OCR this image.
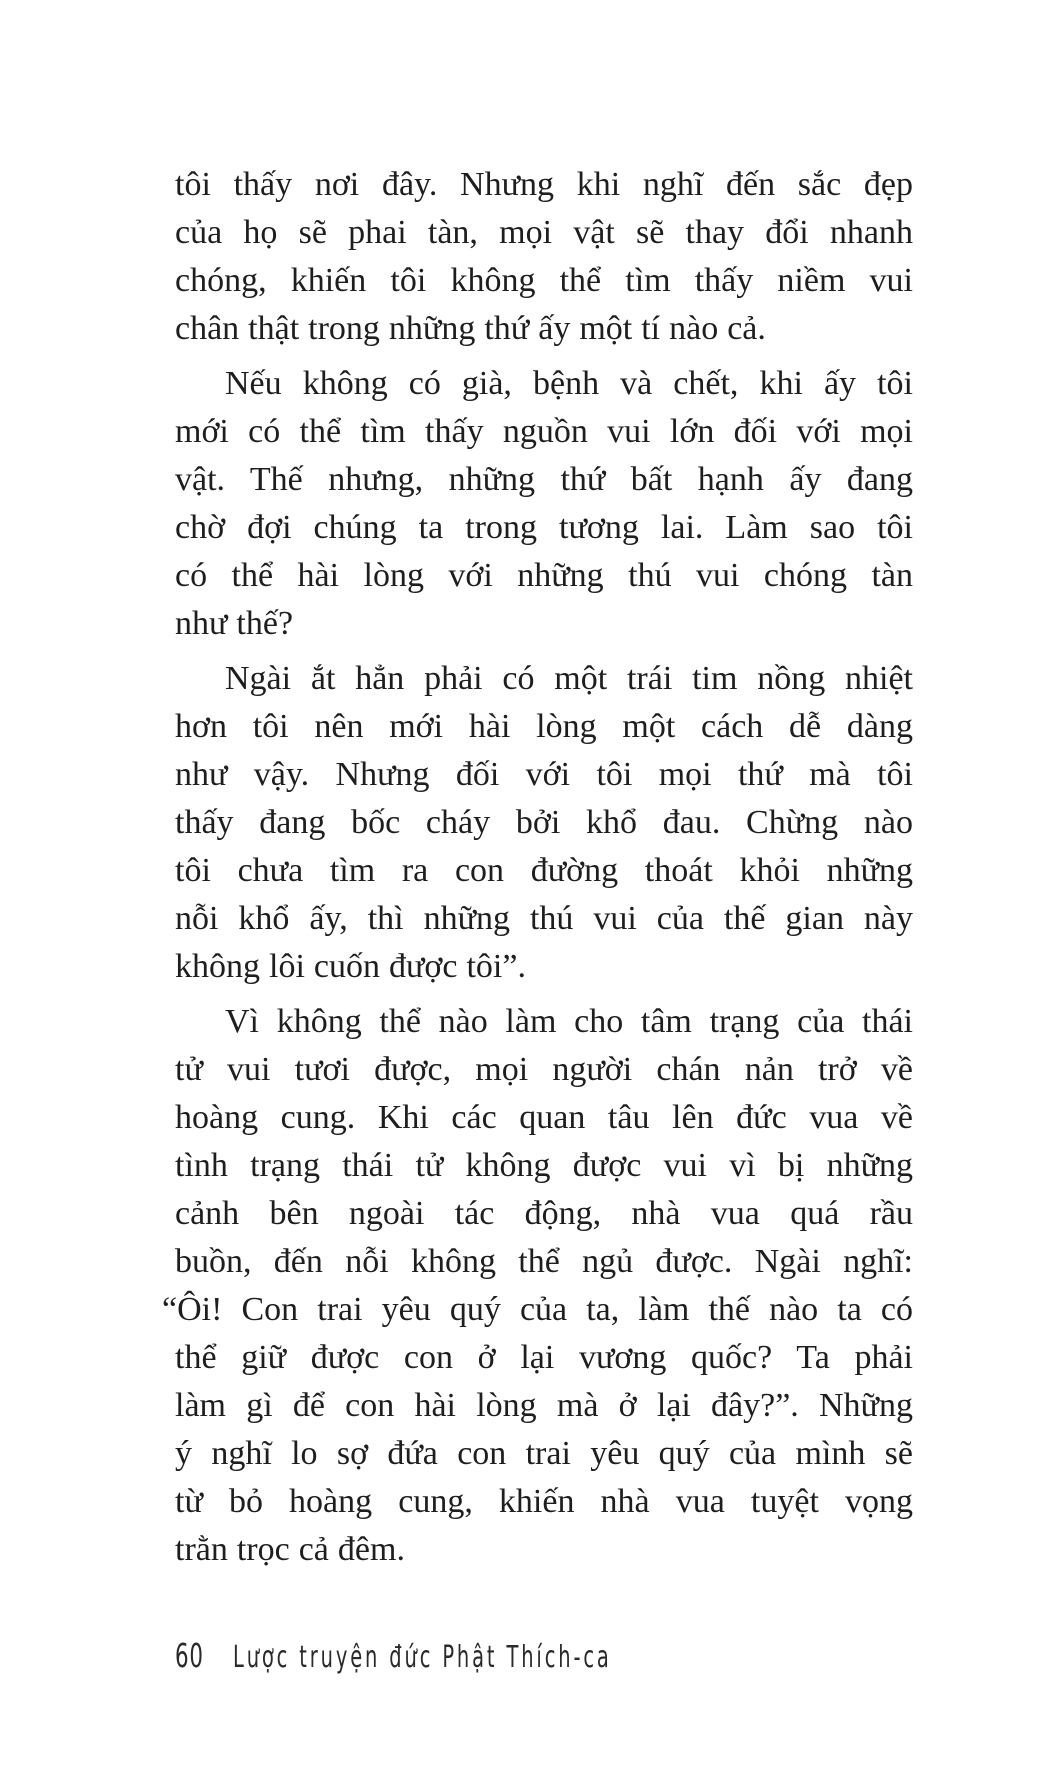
tôi thấy nơi đây. Nhưng khi nghĩ đến sắc đẹp
của họ sẽ phai tàn, mọi vật sẽ thay đổi nhanh
chóng, khiến tôi không thể tìm thấy niềm vui
chân thật trong những thứ ấy một tí nào cả.

Nếu không có già, bệnh và chết, khi ấy tôi
mới có thể tìm thấy nguồn vui lớn đối với mọi
vật. Thế nhưng, những thứ bất hạnh ấy đang
chờ đợi chúng ta trong tương lai. Làm sao tôi
có thể hài lòng với những thú vui chóng tàn
như thế?

Ngài ắt hẳn phải có một trái tim nồng nhiệt
hơn tôi nên mới hài lòng một cách dễ dàng
như vậy. Nhưng đối với tôi mọi thứ mà tôi
thấy đang bốc cháy bởi khổ đau. Chừng nào
tôi chưa tìm ra con đường thoát khỏi những
nỗi khổ ấy, thì những thú vui của thế gian này
không lôi cuốn được tôi”.

Vì không thể nào làm cho tâm trạng của thái
tử vui tươi được, mọi người chán nản trở về
hoàng cung. Khi các quan tâu lên đức vua về
tình trạng thái tử không được vui vì bị những
cảnh bên ngoài tác động, nhà vua quá rầu
buồn, đến nỗi không thể ngủ được. Ngài nghĩ:
“Ôi! Con trai yêu quý của ta, làm thế nào ta có
thể giữ được con ở lại vương quốc? Ta phải
làm gì để con hài lòng mà ở lại đây?”. Những
ý nghĩ lo sợ đứa con trai yêu quý của mình sẽ
từ bỏ hoàng cung, khiến nhà vua tuyệt vọng
trằn trọc cả đêm.

60 Lược truyện đức Phật Thích-ca
